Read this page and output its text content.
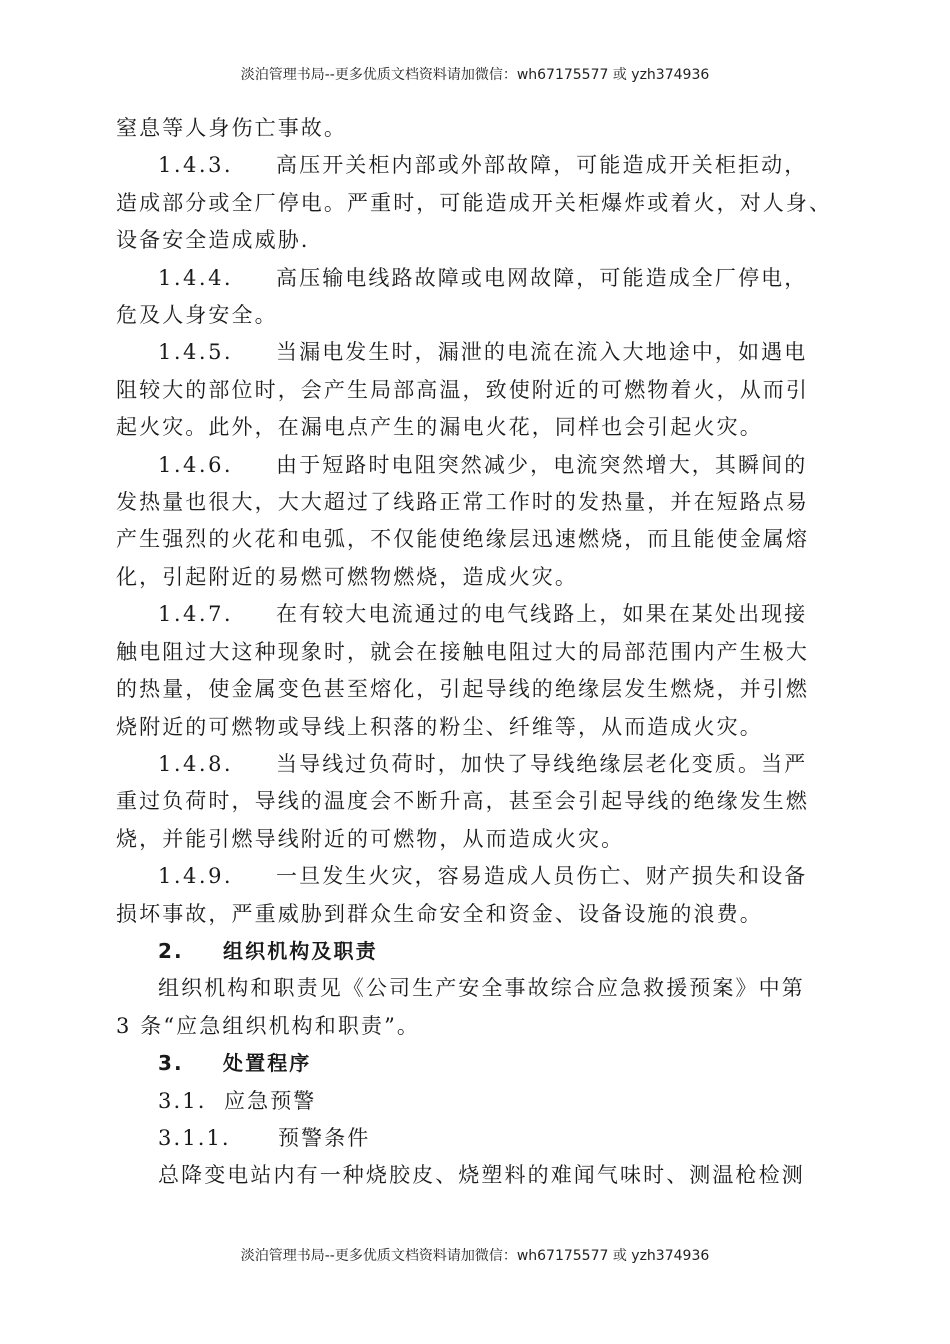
淡泊管理书局--更多优质文档资料请加微信：wh67175577 或 yzh374936

窒息等人身伤亡事故。

1.4.3. 高压开关柜内部或外部故障，可能造成开关柜拒动，

造成部分或全厂停电。严重时，可能造成开关柜爆炸或着火，对人身、

设备安全造成威胁.

1.4.4. 高压输电线路故障或电网故障，可能造成全厂停电，

危及人身安全。

1.4.5. 当漏电发生时，漏泄的电流在流入大地途中，如遇电

阻较大的部位时，会产生局部高温，致使附近的可燃物着火，从而引

起火灾。此外，在漏电点产生的漏电火花，同样也会引起火灾。

1.4.6. 由于短路时电阻突然减少，电流突然增大，其瞬间的

发热量也很大，大大超过了线路正常工作时的发热量，并在短路点易

产生强烈的火花和电弧，不仅能使绝缘层迅速燃烧，而且能使金属熔

化，引起附近的易燃可燃物燃烧，造成火灾。

1.4.7. 在有较大电流通过的电气线路上，如果在某处出现接

触电阻过大这种现象时，就会在接触电阻过大的局部范围内产生极大

的热量，使金属变色甚至熔化，引起导线的绝缘层发生燃烧，并引燃

烧附近的可燃物或导线上积落的粉尘、纤维等，从而造成火灾。

1.4.8. 当导线过负荷时，加快了导线绝缘层老化变质。当严

重过负荷时，导线的温度会不断升高，甚至会引起导线的绝缘发生燃

烧，并能引燃导线附近的可燃物，从而造成火灾。

1.4.9. 一旦发生火灾，容易造成人员伤亡、财产损失和设备

损坏事故，严重威胁到群众生命安全和资金、设备设施的浪费。

2. 组织机构及职责

组织机构和职责见《公司生产安全事故综合应急救援预案》中第

3 条“应急组织机构和职责”。

3. 处置程序

3.1. 应急预警

3.1.1. 预警条件

总降变电站内有一种烧胶皮、烧塑料的难闻气味时、测温枪检测

淡泊管理书局--更多优质文档资料请加微信：wh67175577 或 yzh374936
